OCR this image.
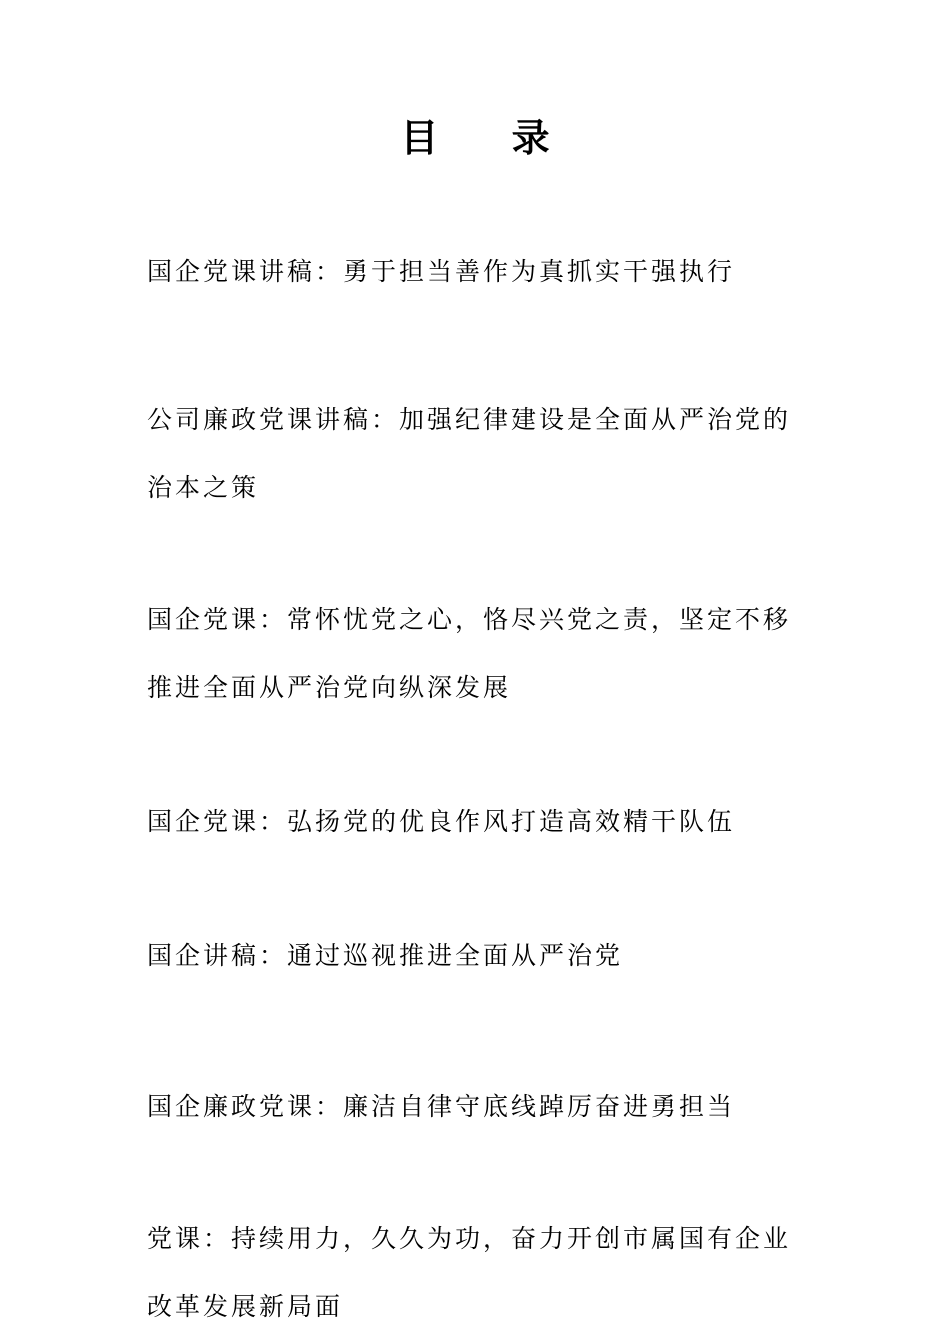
目 录
国企党课讲稿：勇于担当善作为真抓实干强执行
公司廉政党课讲稿：加强纪律建设是全面从严治党的治本之策
国企党课：常怀忧党之心，恪尽兴党之责，坚定不移推进全面从严治党向纵深发展
国企党课：弘扬党的优良作风打造高效精干队伍
国企讲稿：通过巡视推进全面从严治党
国企廉政党课：廉洁自律守底线踔厉奋进勇担当
党课：持续用力，久久为功，奋力开创市属国有企业改革发展新局面
